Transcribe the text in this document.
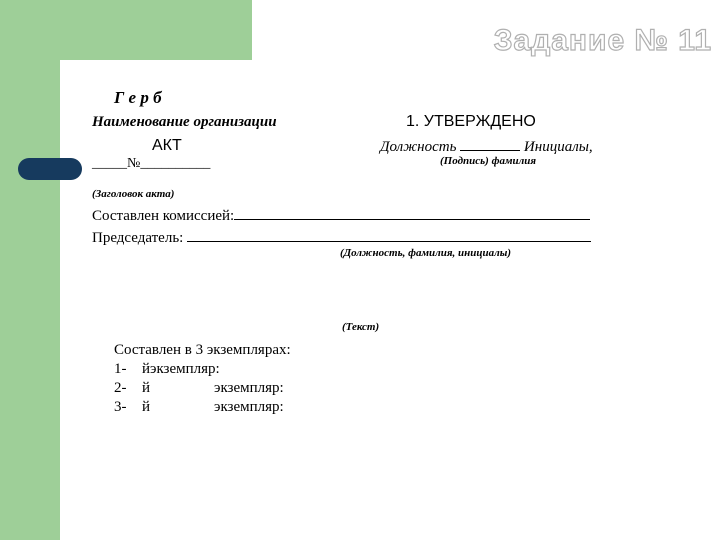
Задание № 11
Г е р б
Наименование организации	1. УТВЕРЖДЕНО
Должность	Инициалы,
(Подпись) фамилия
АКТ
_____№__________
(Заголовок акта)
Составлен комиссией:
Председатель:
(Должность, фамилия, инициалы)
(Текст)
Составлен в 3 экземплярах:
1- йэкземпляр:
2- й	экземпляр:
3- й	экземпляр:
